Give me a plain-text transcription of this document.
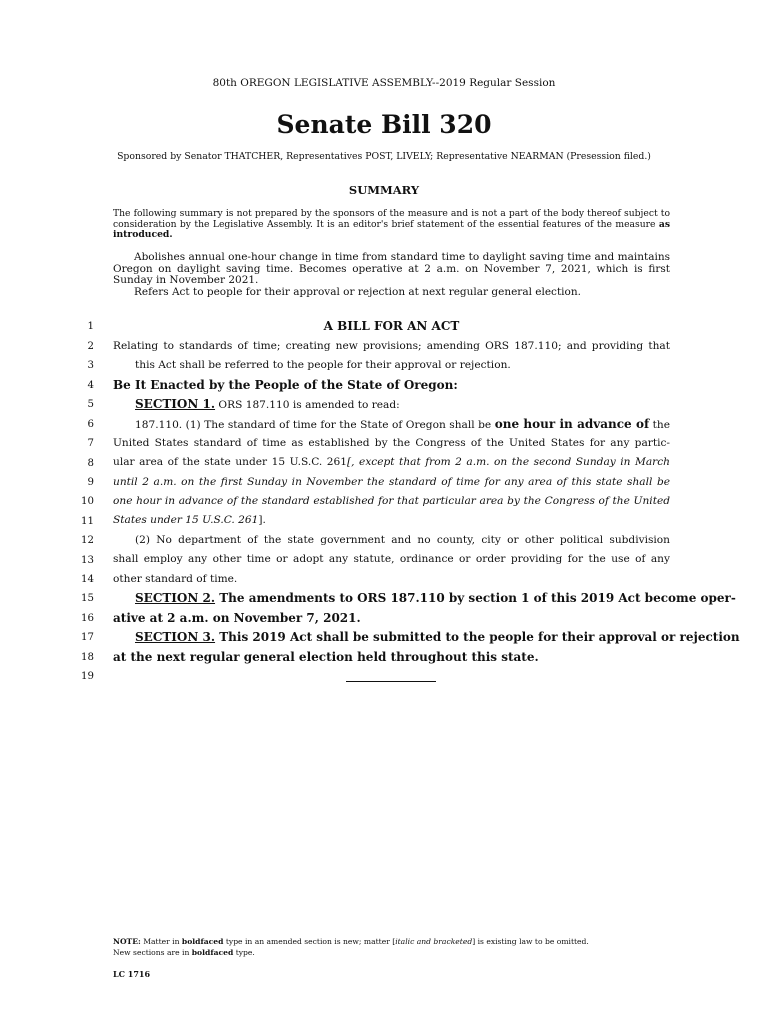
80th OREGON LEGISLATIVE ASSEMBLY--2019 Regular Session
Senate Bill 320
Sponsored by Senator THATCHER, Representatives POST, LIVELY; Representative NEARMAN (Presession filed.)
SUMMARY
The following summary is not prepared by the sponsors of the measure and is not a part of the body thereof subject to consideration by the Legislative Assembly. It is an editor's brief statement of the essential features of the measure as introduced.

Abolishes annual one-hour change in time from standard time to daylight saving time and maintains Oregon on daylight saving time. Becomes operative at 2 a.m. on November 7, 2021, which is first Sunday in November 2021.

Refers Act to people for their approval or rejection at next regular general election.

1
2
3
4
5
6
7
8
9
10
11
12
13
14
15
16
17
18
19
A BILL FOR AN ACT
Relating to standards of time; creating new provisions; amending ORS 187.110; and providing that
this Act shall be referred to the people for their approval or rejection.
Be It Enacted by the People of the State of Oregon:
SECTION 1. ORS 187.110 is amended to read:
187.110. (1) The standard of time for the State of Oregon shall be one hour in advance of the
United States standard of time as established by the Congress of the United States for any partic-
ular area of the state under 15 U.S.C. 261[, except that from 2 a.m. on the second Sunday in March
until 2 a.m. on the first Sunday in November the standard of time for any area of this state shall be
one hour in advance of the standard established for that particular area by the Congress of the United
States under 15 U.S.C. 261].
(2) No department of the state government and no county, city or other political subdivision
shall employ any other time or adopt any statute, ordinance or order providing for the use of any
other standard of time.
SECTION 2. The amendments to ORS 187.110 by section 1 of this 2019 Act become oper-
ative at 2 a.m. on November 7, 2021.
SECTION 3. This 2019 Act shall be submitted to the people for their approval or rejection
at the next regular general election held throughout this state.
NOTE: Matter in boldfaced type in an amended section is new; matter [italic and bracketed] is existing law to be omitted.
New sections are in boldfaced type.
LC 1716
